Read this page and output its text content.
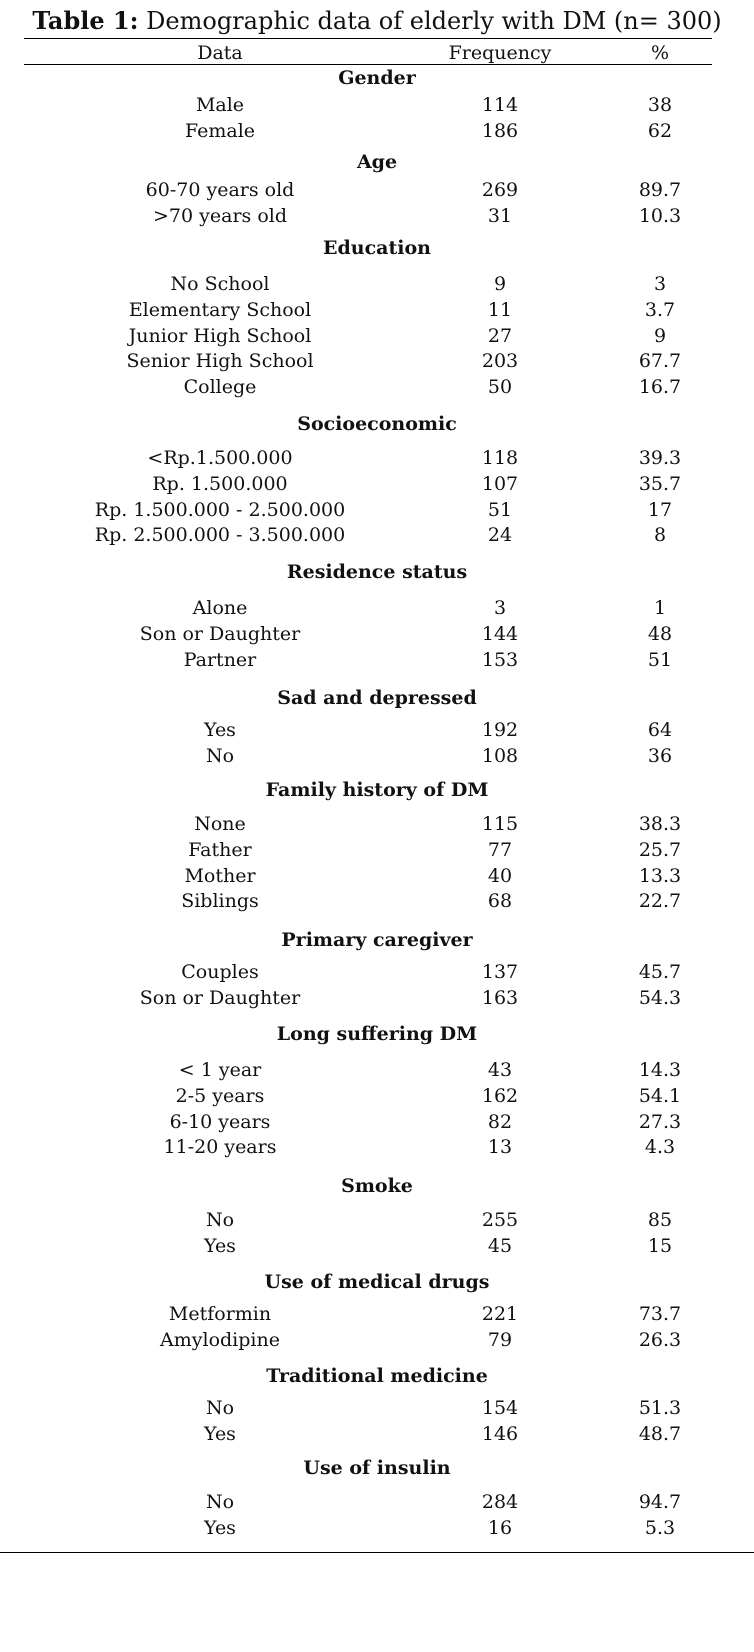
Table 1: Demographic data of elderly with DM (n= 300)
Data	Frequency	%
Gender
Male	114	38
Female	186	62
Age
60-70 years old	269	89.7
>70 years old	31	10.3
Education
No School	9	3
Elementary School	11	3.7
Junior High School	27	9
Senior High School	203	67.7
College	50	16.7
Socioeconomic
<Rp.1.500.000	118	39.3
Rp. 1.500.000	107	35.7
Rp. 1.500.000 - 2.500.000	51	17
Rp. 2.500.000 - 3.500.000	24	8
Residence status
Alone	3	1
Son or Daughter	144	48
Partner	153	51
Sad and depressed
Yes	192	64
No	108	36
Family history of DM
None	115	38.3
Father	77	25.7
Mother	40	13.3
Siblings	68	22.7
Primary caregiver
Couples	137	45.7
Son or Daughter	163	54.3
Long suffering DM
< 1 year	43	14.3
2-5 years	162	54.1
6-10 years	82	27.3
11-20 years	13	4.3
Smoke
No	255	85
Yes	45	15
Use of medical drugs
Metformin	221	73.7
Amylodipine	79	26.3
Traditional medicine
No	154	51.3
Yes	146	48.7
Use of insulin
No	284	94.7
Yes	16	5.3
